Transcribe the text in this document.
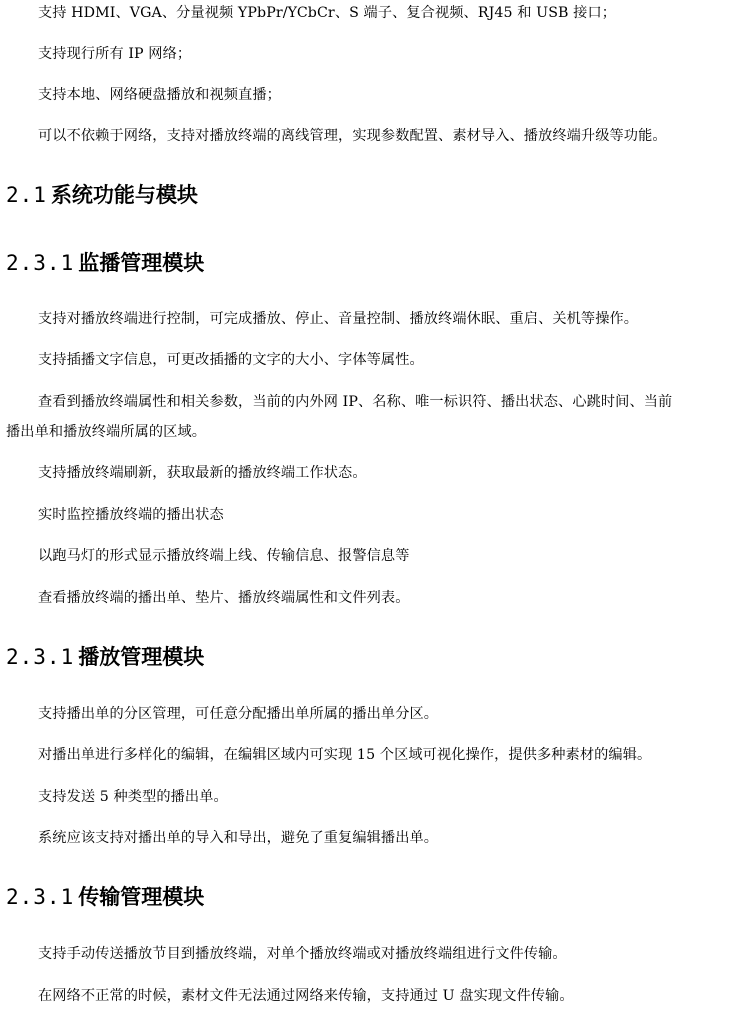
支持 HDMI、VGA、分量视频 YPbPr/YCbCr、S 端子、复合视频、RJ45 和 USB 接口；
支持现行所有 IP 网络；
支持本地、网络硬盘播放和视频直播；
可以不依赖于网络，支持对播放终端的离线管理，实现参数配置、素材导入、播放终端升级等功能。
2.1 系统功能与模块
2.3.1 监播管理模块
支持对播放终端进行控制，可完成播放、停止、音量控制、播放终端休眠、重启、关机等操作。
支持插播文字信息，可更改插播的文字的大小、字体等属性。
查看到播放终端属性和相关参数，当前的内外网 IP、名称、唯一标识符、播出状态、心跳时间、当前
播出单和播放终端所属的区域。
支持播放终端刷新，获取最新的播放终端工作状态。
实时监控播放终端的播出状态
以跑马灯的形式显示播放终端上线、传输信息、报警信息等
查看播放终端的播出单、垫片、播放终端属性和文件列表。
2.3.1 播放管理模块
支持播出单的分区管理，可任意分配播出单所属的播出单分区。
对播出单进行多样化的编辑，在编辑区域内可实现 15 个区域可视化操作，提供多种素材的编辑。
支持发送 5 种类型的播出单。
系统应该支持对播出单的导入和导出，避免了重复编辑播出单。
2.3.1 传输管理模块
支持手动传送播放节目到播放终端，对单个播放终端或对播放终端组进行文件传输。
在网络不正常的时候，素材文件无法通过网络来传输，支持通过 U 盘实现文件传输。
